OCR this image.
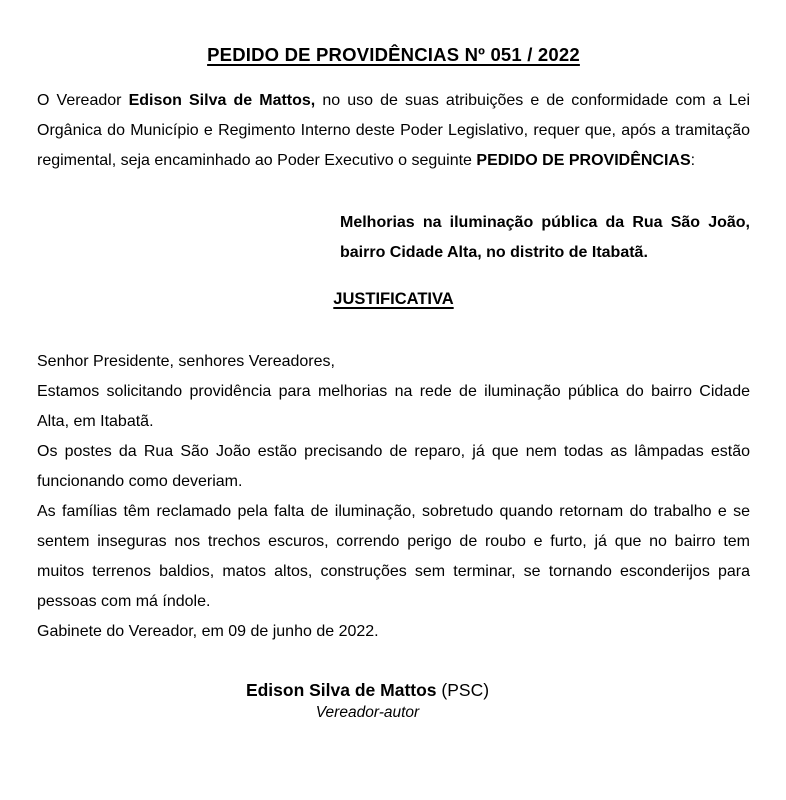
PEDIDO DE PROVIDÊNCIAS Nº 051 / 2022

O Vereador Edison Silva de Mattos, no uso de suas atribuições e de conformidade com a Lei Orgânica do Município e Regimento Interno deste Poder Legislativo, requer que, após a tramitação regimental, seja encaminhado ao Poder Executivo o seguinte PEDIDO DE PROVIDÊNCIAS:

Melhorias na iluminação pública da Rua São João, bairro Cidade Alta, no distrito de Itabatã.

JUSTIFICATIVA

Senhor Presidente, senhores Vereadores,

Estamos solicitando providência para melhorias na rede de iluminação pública do bairro Cidade Alta, em Itabatã.

Os postes da Rua São João estão precisando de reparo, já que nem todas as lâmpadas estão funcionando como deveriam.

As famílias têm reclamado pela falta de iluminação, sobretudo quando retornam do trabalho e se sentem inseguras nos trechos escuros, correndo perigo de roubo e furto, já que no bairro tem muitos terrenos baldios, matos altos, construções sem terminar, se tornando esconderijos para pessoas com má índole.

Gabinete do Vereador, em 09 de junho de 2022.

Edison Silva de Mattos (PSC)
Vereador-autor
